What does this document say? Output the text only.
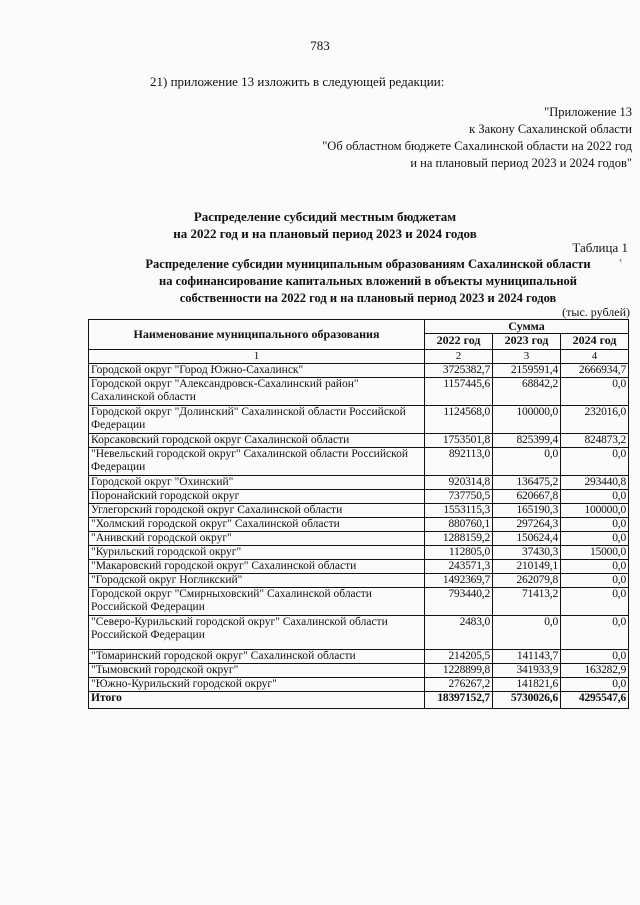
783
21) приложение 13 изложить в следующей редакции:
"Приложение 13
к Закону Сахалинской области
"Об областном бюджете Сахалинской области на 2022 год
и на плановый период 2023 и 2024 годов"
Распределение субсидий местным бюджетам
на 2022 год и на плановый период 2023 и 2024 годов
Таблица 1
‹
Распределение субсидии муниципальным образованиям Сахалинской области
на софинансирование капитальных вложений в объекты муниципальной
собственности на 2022 год и на плановый период 2023 и 2024 годов
(тыс. рублей)
Наименование муниципального образования	Сумма		
	2022 год	2023 год	2024 год
1	2	3	4
Городской округ "Город Южно-Сахалинск"	3725382,7	2159591,4	2666934,7
Городской округ "Александровск-Сахалинский район" Сахалинской области	1157445,6	68842,2	0,0
Городской округ "Долинский" Сахалинской области Российской Федерации	1124568,0	100000,0	232016,0
Корсаковский городской округ Сахалинской области	1753501,8	825399,4	824873,2
"Невельский городской округ" Сахалинской области Российской Федерации	892113,0	0,0	0,0
Городской округ "Охинский"	920314,8	136475,2	293440,8
Поронайский городской округ	737750,5	620667,8	0,0
Углегорский городской округ Сахалинской области	1553115,3	165190,3	100000,0
"Холмский городской округ" Сахалинской области	880760,1	297264,3	0,0
"Анивский городской округ"	1288159,2	150624,4	0,0
"Курильский городской округ"	112805,0	37430,3	15000,0
"Макаровский городской округ" Сахалинской области	243571,3	210149,1	0,0
"Городской округ Ногликский"	1492369,7	262079,8	0,0
Городской округ "Смирныховский" Сахалинской области Российской Федерации	793440,2	71413,2	0,0
"Северо-Курильский городской округ" Сахалинской области Российской Федерации	2483,0	0,0	0,0
"Томаринский городской округ" Сахалинской области	214205,5	141143,7	0,0
"Тымовский городской округ"	1228899,8	341933,9	163282,9
"Южно-Курильский городской округ"	276267,2	141821,6	0,0
Итого	18397152,7	5730026,6	4295547,6
